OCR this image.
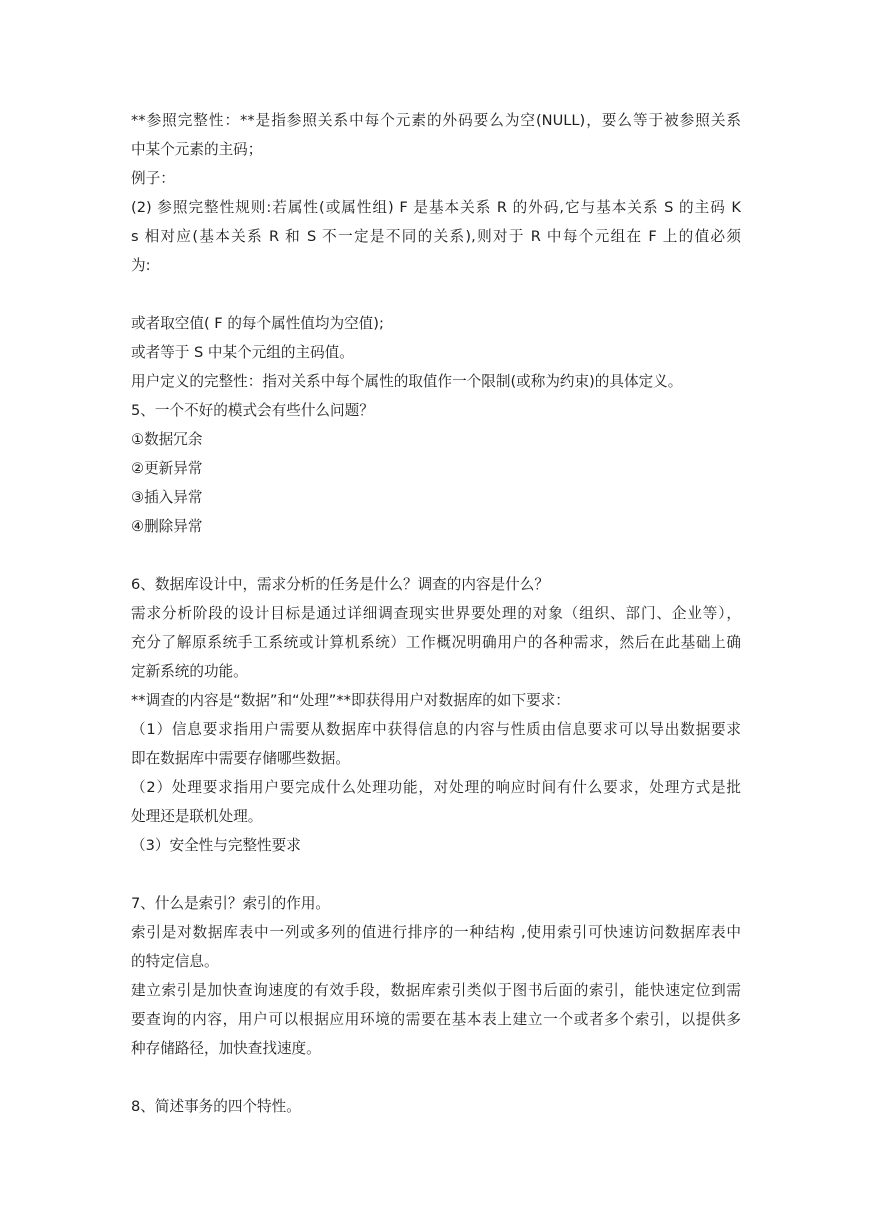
**参照完整性：**是指参照关系中每个元素的外码要么为空(NULL)，要么等于被参照关系
中某个元素的主码；
例子：
(2) 参照完整性规则:若属性(或属性组) F 是基本关系 R 的外码,它与基本关系 S 的主码 K
s 相对应(基本关系 R 和 S 不一定是不同的关系),则对于 R 中每个元组在 F 上的值必须
为:
或者取空值( F 的每个属性值均为空值);
或者等于 S 中某个元组的主码值。
用户定义的完整性：指对关系中每个属性的取值作一个限制(或称为约束)的具体定义。
5、一个不好的模式会有些什么问题？
①数据冗余
②更新异常
③插入异常
④删除异常
6、数据库设计中，需求分析的任务是什么？调查的内容是什么？
需求分析阶段的设计目标是通过详细调查现实世界要处理的对象（组织、部门、企业等），
充分了解原系统手工系统或计算机系统）工作概况明确用户的各种需求，然后在此基础上确
定新系统的功能。
**调查的内容是“数据”和“处理”**即获得用户对数据库的如下要求：
（1）信息要求指用户需要从数据库中获得信息的内容与性质由信息要求可以导出数据要求
即在数据库中需要存储哪些数据。
（2）处理要求指用户要完成什么处理功能，对处理的响应时间有什么要求，处理方式是批
处理还是联机处理。
（3）安全性与完整性要求
7、什么是索引？索引的作用。
索引是对数据库表中一列或多列的值进行排序的一种结构 ,使用索引可快速访问数据库表中
的特定信息。
建立索引是加快查询速度的有效手段，数据库索引类似于图书后面的索引，能快速定位到需
要查询的内容，用户可以根据应用环境的需要在基本表上建立一个或者多个索引，以提供多
种存储路径，加快查找速度。
8、简述事务的四个特性。
